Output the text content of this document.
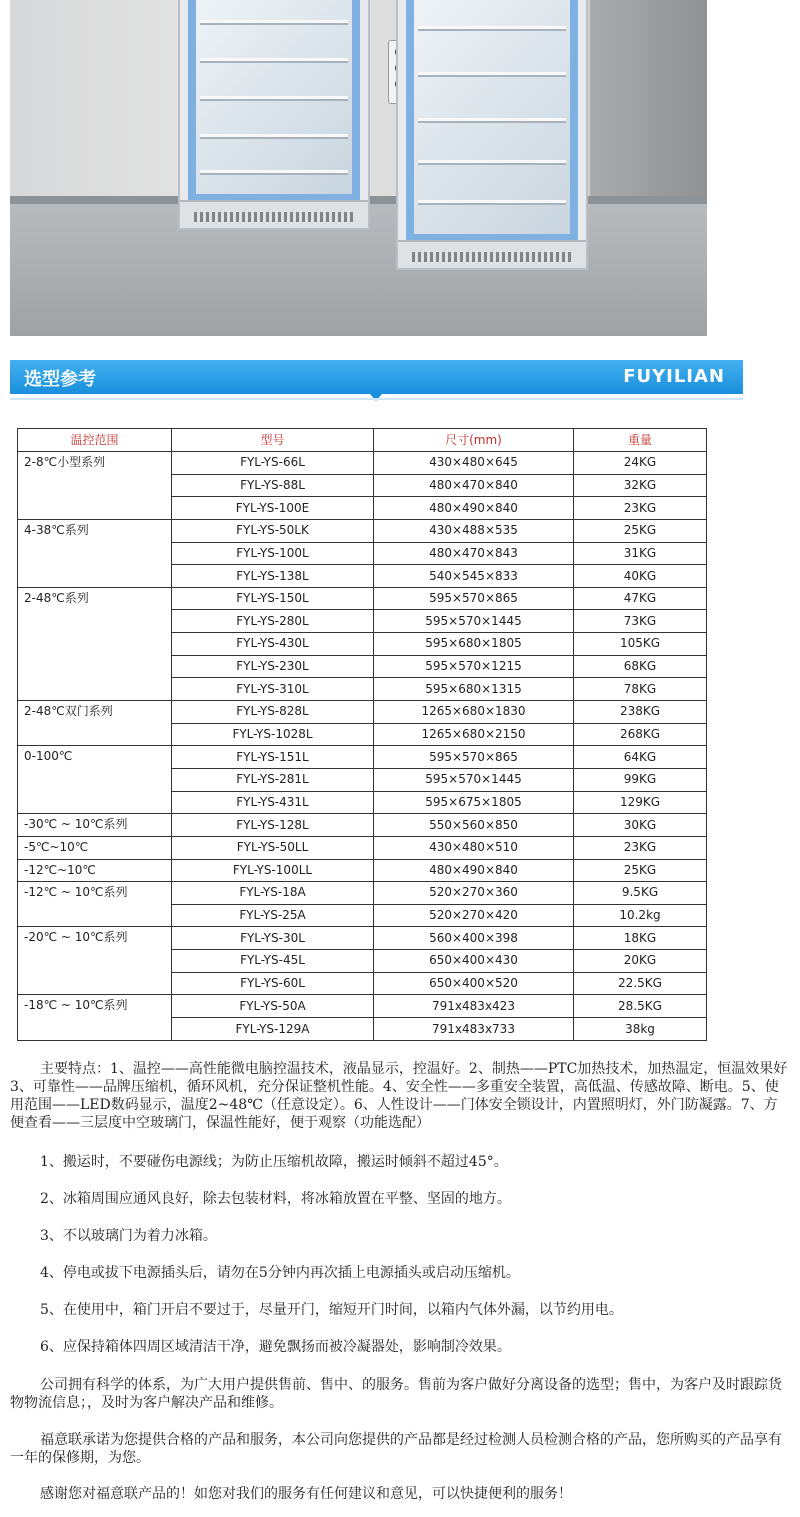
选型参考	FUYILIAN
温控范围	型号	尺寸(mm)	重量
2-8℃小型系列	FYL-YS-66L	430×480×645	24KG
	FYL-YS-88L	480×470×840	32KG
	FYL-YS-100E	480×490×840	23KG
4-38℃系列	FYL-YS-50LK	430×488×535	25KG
	FYL-YS-100L	480×470×843	31KG
	FYL-YS-138L	540×545×833	40KG
2-48℃系列	FYL-YS-150L	595×570×865	47KG
	FYL-YS-280L	595×570×1445	73KG
	FYL-YS-430L	595×680×1805	105KG
	FYL-YS-230L	595×570×1215	68KG
	FYL-YS-310L	595×680×1315	78KG
2-48℃双门系列	FYL-YS-828L	1265×680×1830	238KG
	FYL-YS-1028L	1265×680×2150	268KG
0-100℃	FYL-YS-151L	595×570×865	64KG
	FYL-YS-281L	595×570×1445	99KG
	FYL-YS-431L	595×675×1805	129KG
-30℃ ~ 10℃系列	FYL-YS-128L	550×560×850	30KG
-5℃~10℃	FYL-YS-50LL	430×480×510	23KG
-12℃~10℃	FYL-YS-100LL	480×490×840	25KG
-12℃ ~ 10℃系列	FYL-YS-18A	520×270×360	9.5KG
	FYL-YS-25A	520×270×420	10.2kg
-20℃ ~ 10℃系列	FYL-YS-30L	560×400×398	18KG
	FYL-YS-45L	650×400×430	20KG
	FYL-YS-60L	650×400×520	22.5KG
-18℃ ~ 10℃系列	FYL-YS-50A	791x483x423	28.5KG
	FYL-YS-129A	791x483x733	38kg

主要特点：1、温控——高性能微电脑控温技术，液晶显示，控温好。2、制热——PTC加热技术，加热温定，恒温效果好3、可靠性——品牌压缩机，循环风机，充分保证整机性能。4、安全性——多重安全装置，高低温、传感故障、断电。5、使用范围——LED数码显示，温度2~48℃（任意设定）。6、人性设计——门体安全锁设计，内置照明灯，外门防凝露。7、方便查看——三层度中空玻璃门，保温性能好，便于观察（功能选配）

1、搬运时，不要碰伤电源线；为防止压缩机故障，搬运时倾斜不超过45°。

2、冰箱周围应通风良好，除去包装材料，将冰箱放置在平整、坚固的地方。

3、不以玻璃门为着力冰箱。

4、停电或拔下电源插头后，请勿在5分钟内再次插上电源插头或启动压缩机。

5、在使用中，箱门开启不要过于，尽量开门，缩短开门时间，以箱内气体外漏，以节约用电。

6、应保持箱体四周区域清洁干净，避免飘扬而被冷凝器处，影响制冷效果。

公司拥有科学的体系，为广大用户提供售前、售中、的服务。售前为客户做好分离设备的选型；售中，为客户及时跟踪货物物流信息；，及时为客户解决产品和维修。

福意联承诺为您提供合格的产品和服务，本公司向您提供的产品都是经过检测人员检测合格的产品，您所购买的产品享有一年的保修期，为您。

感谢您对福意联产品的！如您对我们的服务有任何建议和意见，可以快捷便利的服务！
